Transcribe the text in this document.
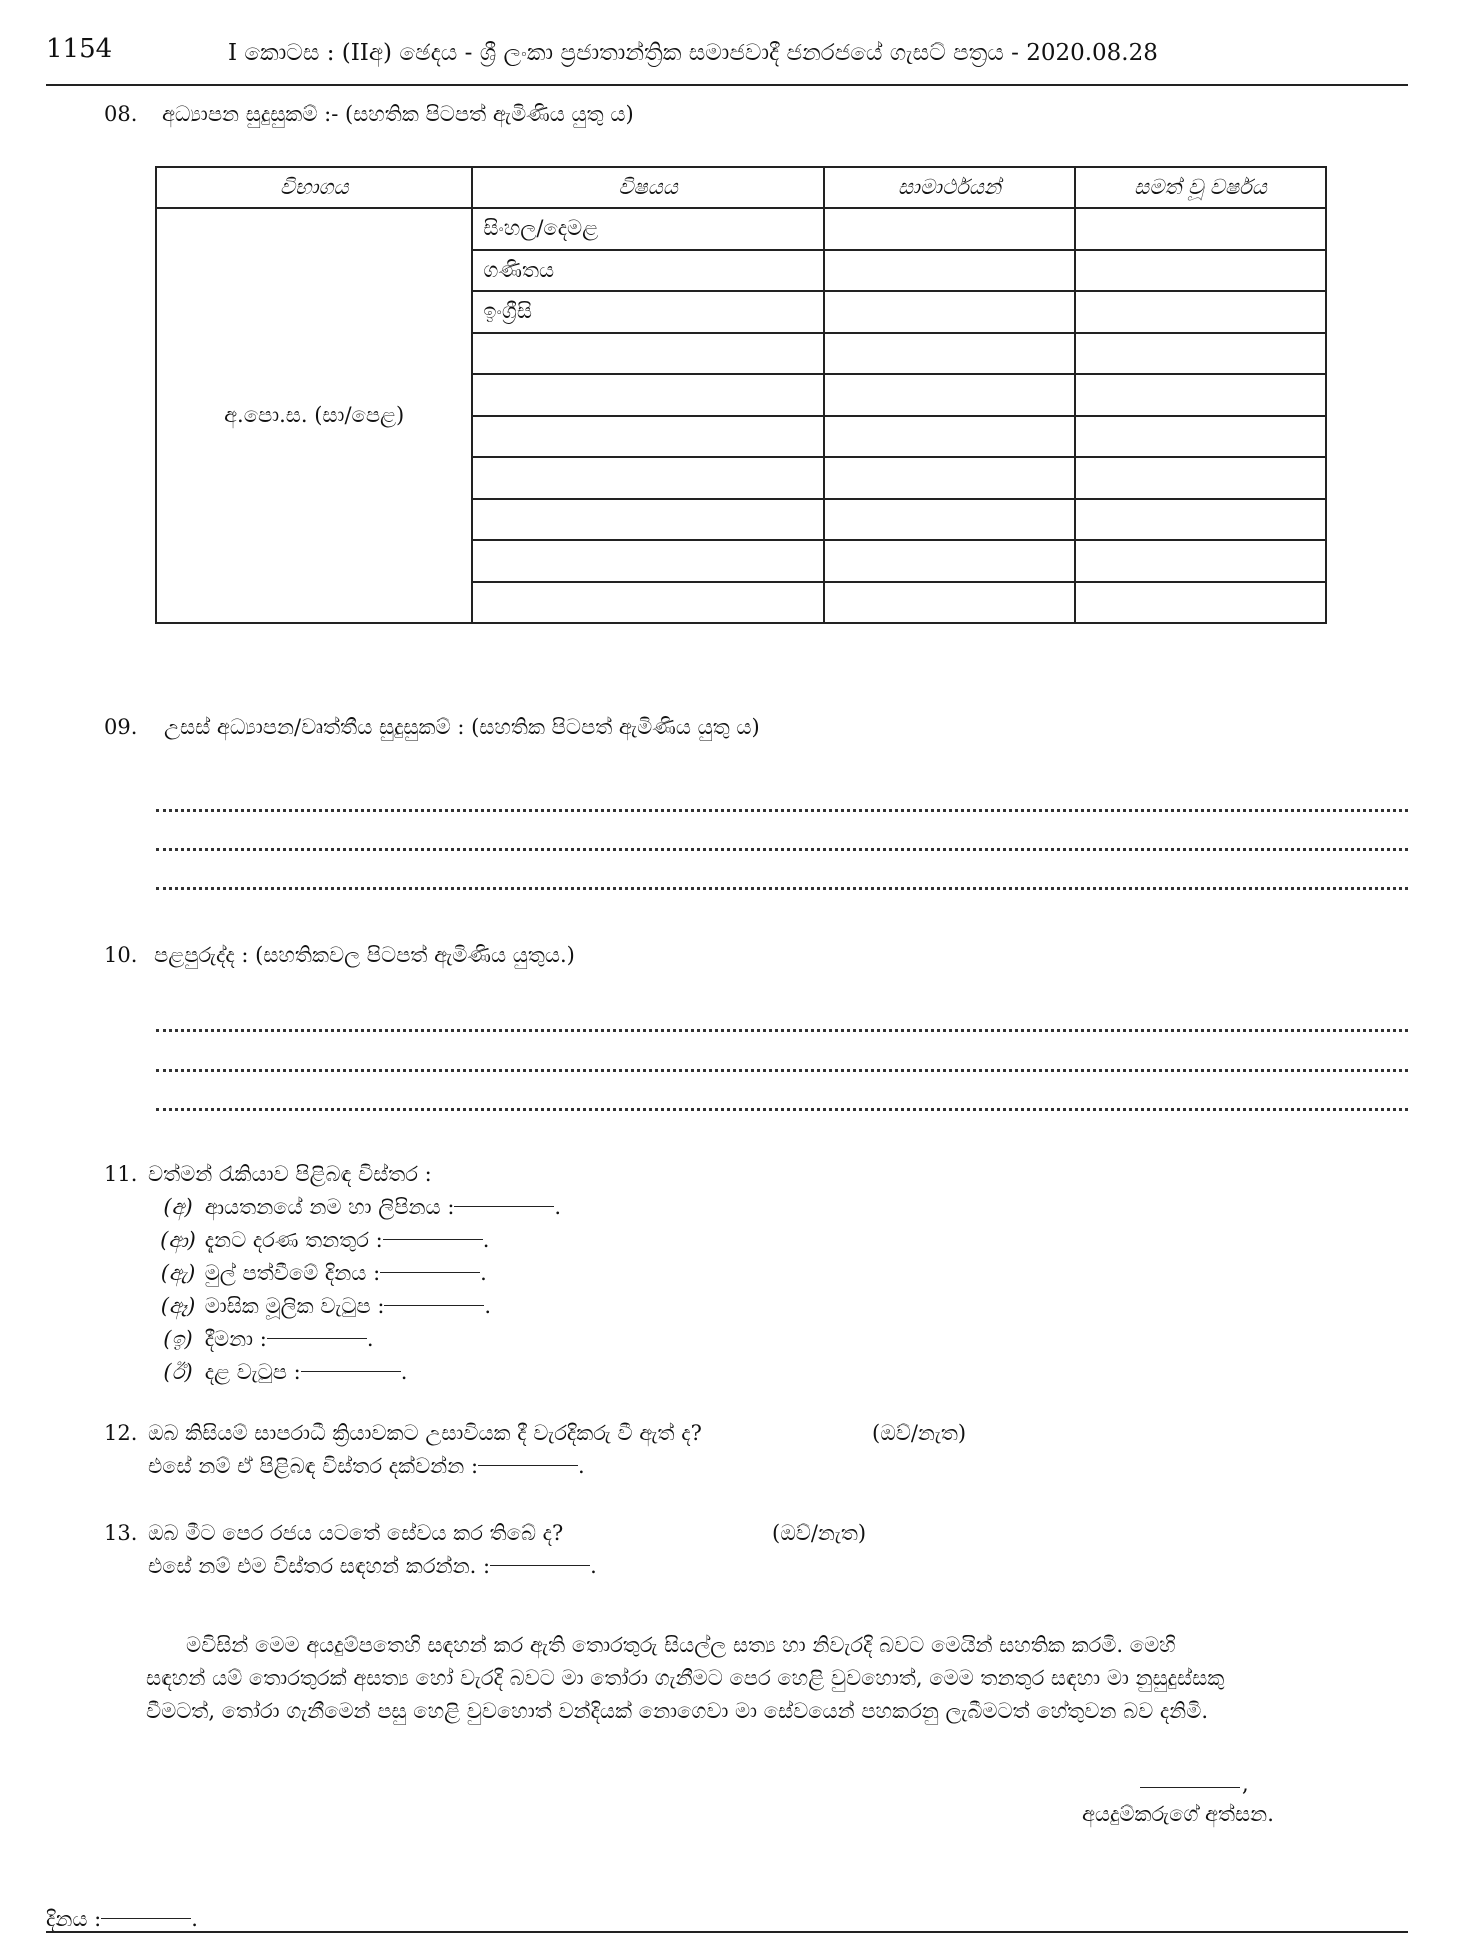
1154	I කොටස : (IIඅ) ඡෙදය - ශ්‍රී ලංකා ප්‍රජාතාන්ත්‍රික සමාජවාදී ජනරජයේ ගැසට් පත්‍රය - 2020.08.28
08. අධ්‍යාපන සුදුසුකම් :- (සහතික පිටපත් ඇමිණිය යුතු ය)
විභාගය	විෂයය	සාමාර්ථයන්	සමත් වූ වර්ෂය
අ.පො.ස. (සා/පෙළ)	සිංහල/දෙමළ		
	ගණිතය		
	ඉංග්‍රීසි		

09. උසස් අධ්‍යාපන/වෘත්තීය සුදුසුකම් : (සහතික පිටපත් ඇමිණිය යුතු ය)
10. පළපුරුද්ද : (සහතිකවල පිටපත් ඇමිණිය යුතුය.)
11. වත්මන් රැකියාව පිළිබඳ විස්තර :
(අ) ආයතනයේ නම හා ලිපිනය :	.
(ආ) දැනට දරණ තනතුර :	.
(ඇ) මුල් පත්වීමේ දිනය :	.
(ඈ) මාසික මූලික වැටුප :	.
(ඉ) දීමනා :	.
(ඊ) දළ වැටුප :	.
12. ඔබ කිසියම් සාපරාධී ක්‍රියාවකට උසාවියක දී වැරදිකරු වී ඇත් ද?	(ඔව්/නැත)
එසේ නම් ඒ පිළිබඳ විස්තර දක්වන්න :	.
13. ඔබ මීට පෙර රජය යටතේ සේවය කර තිබේ ද?	(ඔව්/නැත)
එසේ නම් එම විස්තර සඳහන් කරන්න. :	.
මවිසින් මෙම අයදුම්පතෙහි සඳහන් කර ඇති තොරතුරු සියල්ල සත්‍ය හා නිවැරදි බවට මෙයින් සහතික කරමි. මෙහි
සඳහන් යම් තොරතුරක් අසත්‍ය හෝ වැරදි බවට මා තෝරා ගැනීමට පෙර හෙළි වුවහොත්, මෙම තනතුර සඳහා මා නුසුදුස්සකු
වීමටත්, තෝරා ගැනීමෙන් පසු හෙළි වුවහොත් වන්දියක් නොගෙවා මා සේවයෙන් පහකරනු ලැබීමටත් හේතුවන බව දනිමි.
,
අයදුම්කරුගේ අත්සන.
දිනය :	.
